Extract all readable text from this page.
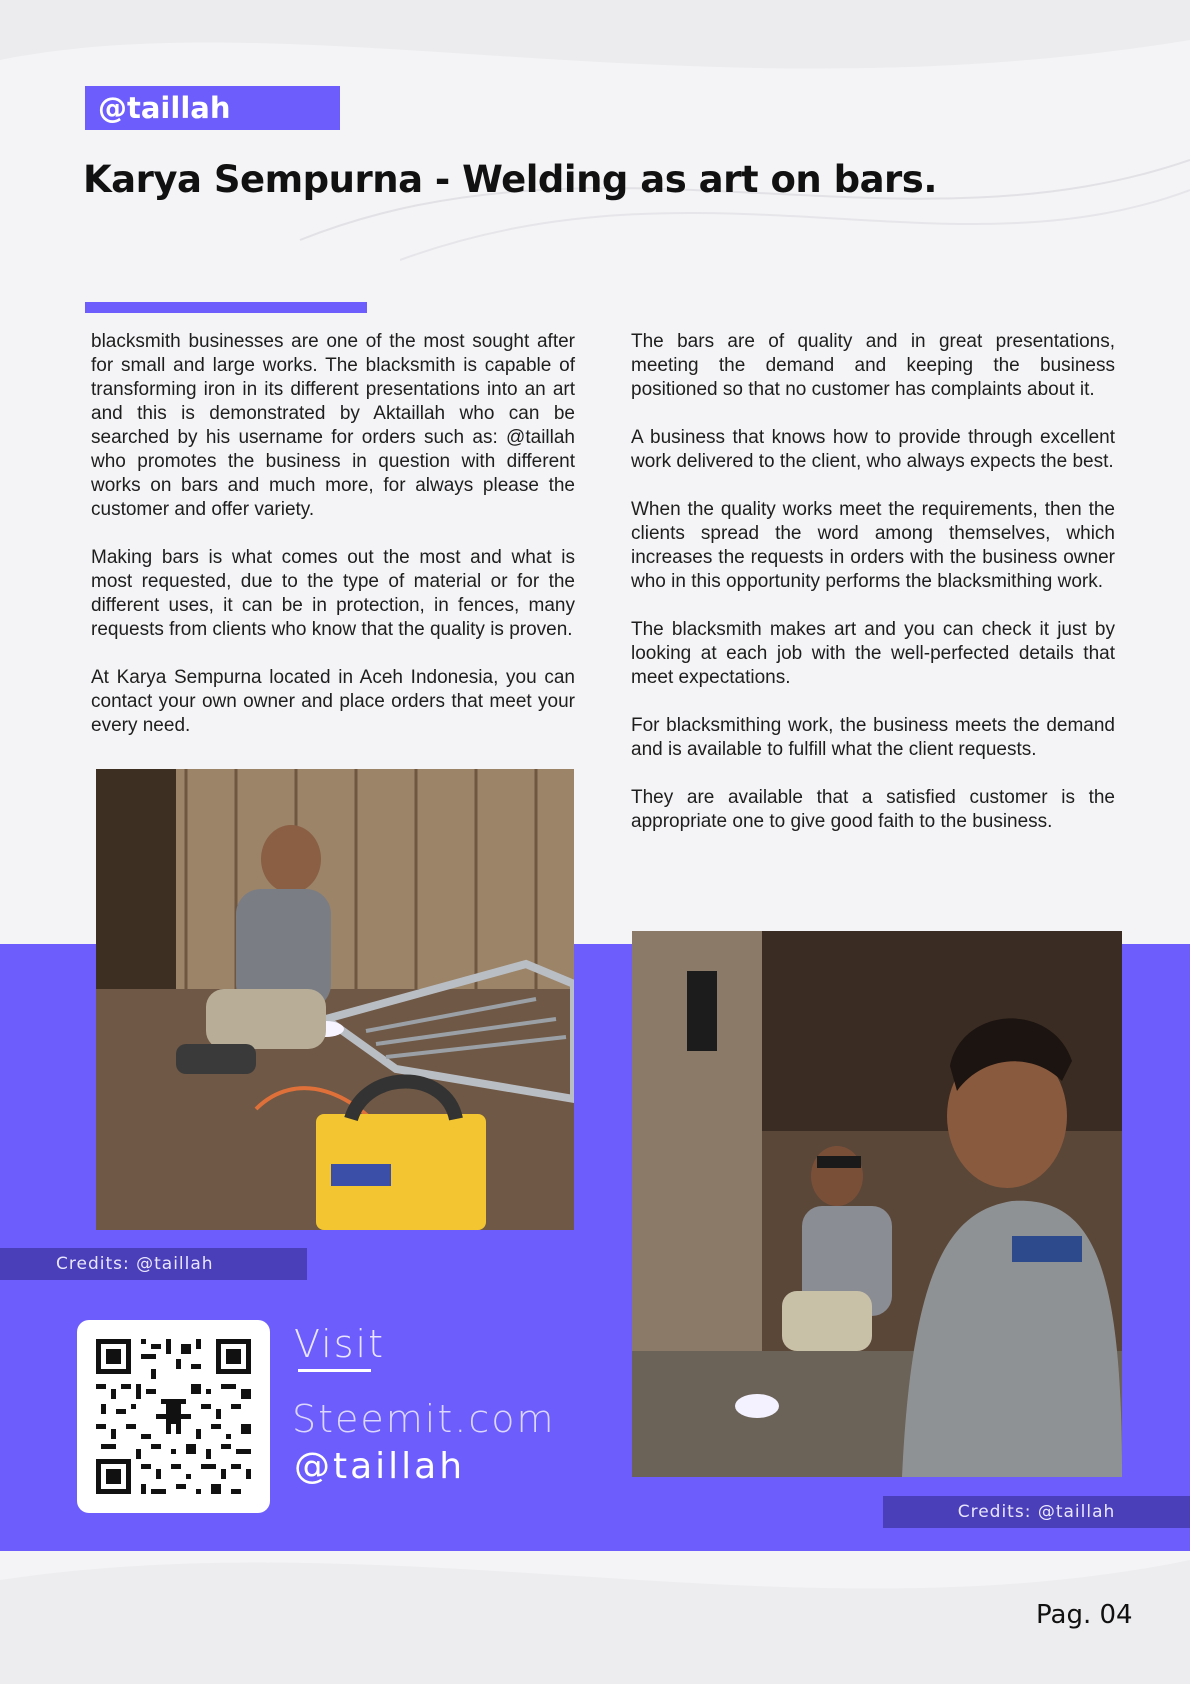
@taillah
Karya Sempurna - Welding as art on bars.

blacksmith businesses are one of the most sought after for small and large works. The blacksmith is capable of transforming iron in its different presentations into an art and this is demonstrated by Aktaillah who can be searched by his username for orders such as: @taillah who promotes the business in question with different works on bars and much more, for always please the customer and offer variety.

Making bars is what comes out the most and what is most requested, due to the type of material or for the different uses, it can be in protection, in fences, many requests from clients who know that the quality is proven.

At Karya Sempurna located in Aceh Indonesia, you can contact your own owner and place orders that meet your every need.

The bars are of quality and in great presentations, meeting the demand and keeping the business positioned so that no customer has complaints about it.

A business that knows how to provide through excellent work delivered to the client, who always expects the best.

When the quality works meet the requirements, then the clients spread the word among themselves, which increases the requests in orders with the business owner who in this opportunity performs the blacksmithing work.

The blacksmith makes art and you can check it just by looking at each job with the well-perfected details that meet expectations.

For blacksmithing work, the business meets the demand and is available to fulfill what the client requests.

They are available that a satisfied customer is the appropriate one to give good faith to the business.

Credits: @taillah
Credits: @taillah
Visit
Steemit.com
@taillah
Pag. 04
